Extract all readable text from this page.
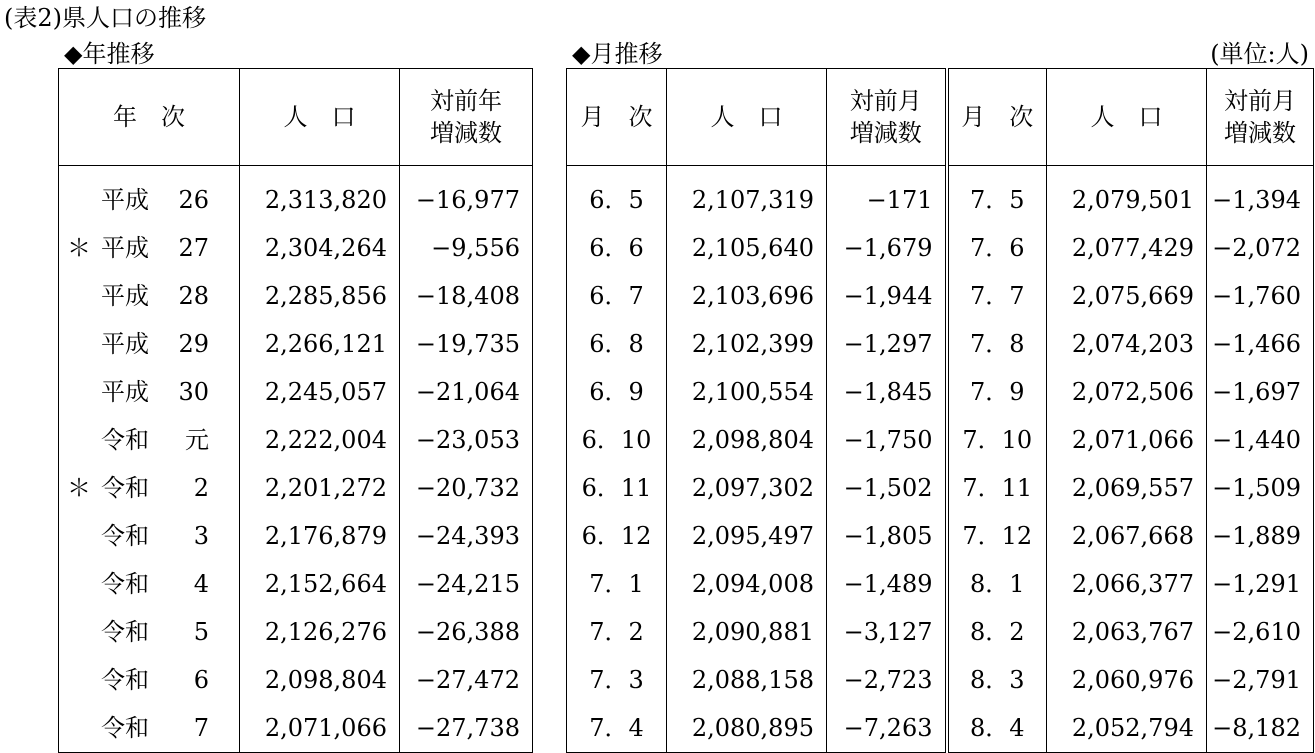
(表2)県人口の推移
◆年推移	◆月推移	(単位:人)
年　次	人　口	対前年
増減数

平成 26	2,313,820	−16,977

＊ 平成 27	2,304,264	−9,556

平成 28	2,285,856	−18,408

平成 29	2,266,121	−19,735

平成 30	2,245,057	−21,064

令和 元	2,222,004	−23,053

＊ 令和 2	2,201,272	−20,732

令和 3	2,176,879	−24,393

令和 4	2,152,664	−24,215

令和 5	2,126,276	−26,388

令和 6	2,098,804	−27,472

令和 7	2,071,066	−27,738
月　次	人　口	対前月
増減数	月　次	人　口	対前月
増減数
6．5	2,107,319	−171	7．5	2,079,501	−1,394
6．6	2,105,640	−1,679	7．6	2,077,429	−2,072
6．7	2,103,696	−1,944	7．7	2,075,669	−1,760
6．8	2,102,399	−1,297	7．8	2,074,203	−1,466
6．9	2,100,554	−1,845	7．9	2,072,506	−1,697
6．10	2,098,804	−1,750	7．10	2,071,066	−1,440
6．11	2,097,302	−1,502	7．11	2,069,557	−1,509
6．12	2,095,497	−1,805	7．12	2,067,668	−1,889
7．1	2,094,008	−1,489	8．1	2,066,377	−1,291
7．2	2,090,881	−3,127	8．2	2,063,767	−2,610
7．3	2,088,158	−2,723	8．3	2,060,976	−2,791
7．4	2,080,895	−7,263	8．4	2,052,794	−8,182
